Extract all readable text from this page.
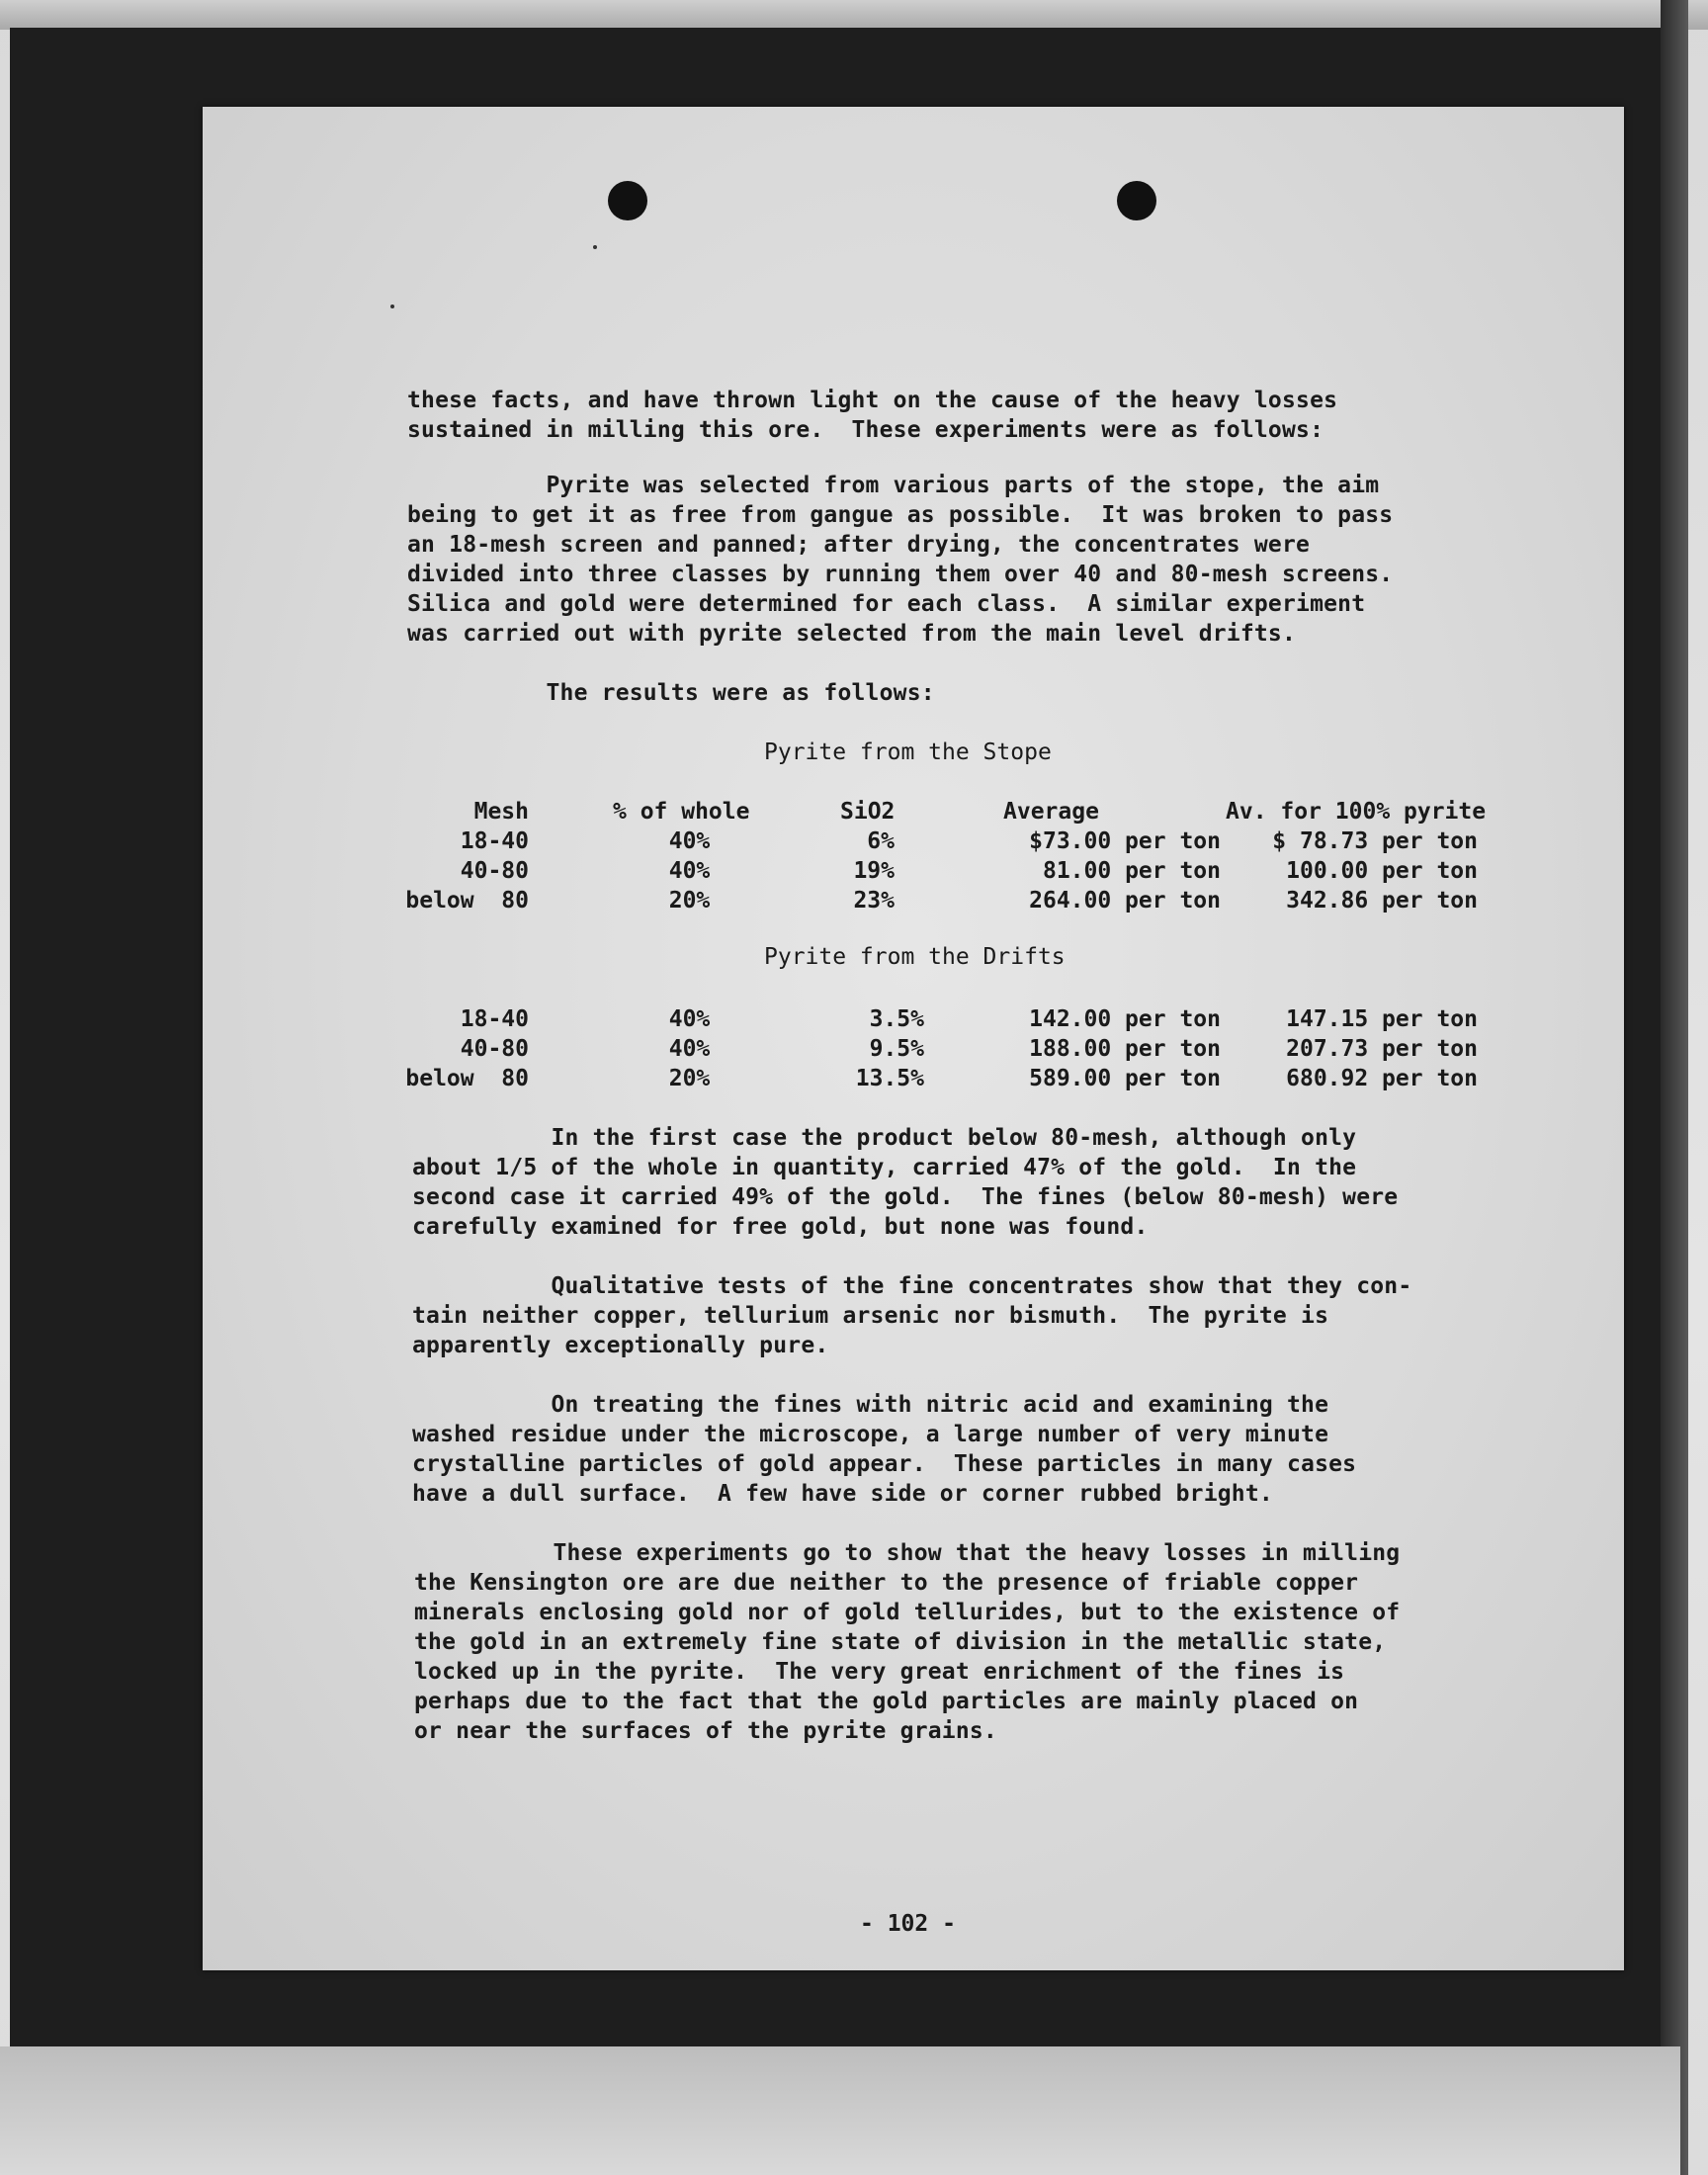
these facts, and have thrown light on the cause of the heavy losses
sustained in milling this ore.  These experiments were as follows:
Pyrite was selected from various parts of the stope, the aim
being to get it as free from gangue as possible.  It was broken to pass
an 18-mesh screen and panned; after drying, the concentrates were
divided into three classes by running them over 40 and 80-mesh screens.
Silica and gold were determined for each class.  A similar experiment
was carried out with pyrite selected from the main level drifts.
The results were as follows:
Pyrite from the Stope
Mesh	% of whole	SiO2	Average	Av. for 100% pyrite
18-40	40%	6%	$73.00 per ton	$ 78.73 per ton
40-80	40%	19%	81.00 per ton	100.00 per ton
below  80	20%	23%	264.00 per ton	342.86 per ton
Pyrite from the Drifts
18-40	40%	3.5%	142.00 per ton	147.15 per ton
40-80	40%	9.5%	188.00 per ton	207.73 per ton
below  80	20%	13.5%	589.00 per ton	680.92 per ton
In the first case the product below 80-mesh, although only
about 1/5 of the whole in quantity, carried 47% of the gold.  In the
second case it carried 49% of the gold.  The fines (below 80-mesh) were
carefully examined for free gold, but none was found.
Qualitative tests of the fine concentrates show that they con-
tain neither copper, tellurium arsenic nor bismuth.  The pyrite is
apparently exceptionally pure.
On treating the fines with nitric acid and examining the
washed residue under the microscope, a large number of very minute
crystalline particles of gold appear.  These particles in many cases
have a dull surface.  A few have side or corner rubbed bright.
These experiments go to show that the heavy losses in milling
the Kensington ore are due neither to the presence of friable copper
minerals enclosing gold nor of gold tellurides, but to the existence of
the gold in an extremely fine state of division in the metallic state,
locked up in the pyrite.  The very great enrichment of the fines is
perhaps due to the fact that the gold particles are mainly placed on
or near the surfaces of the pyrite grains.
- 102 -
